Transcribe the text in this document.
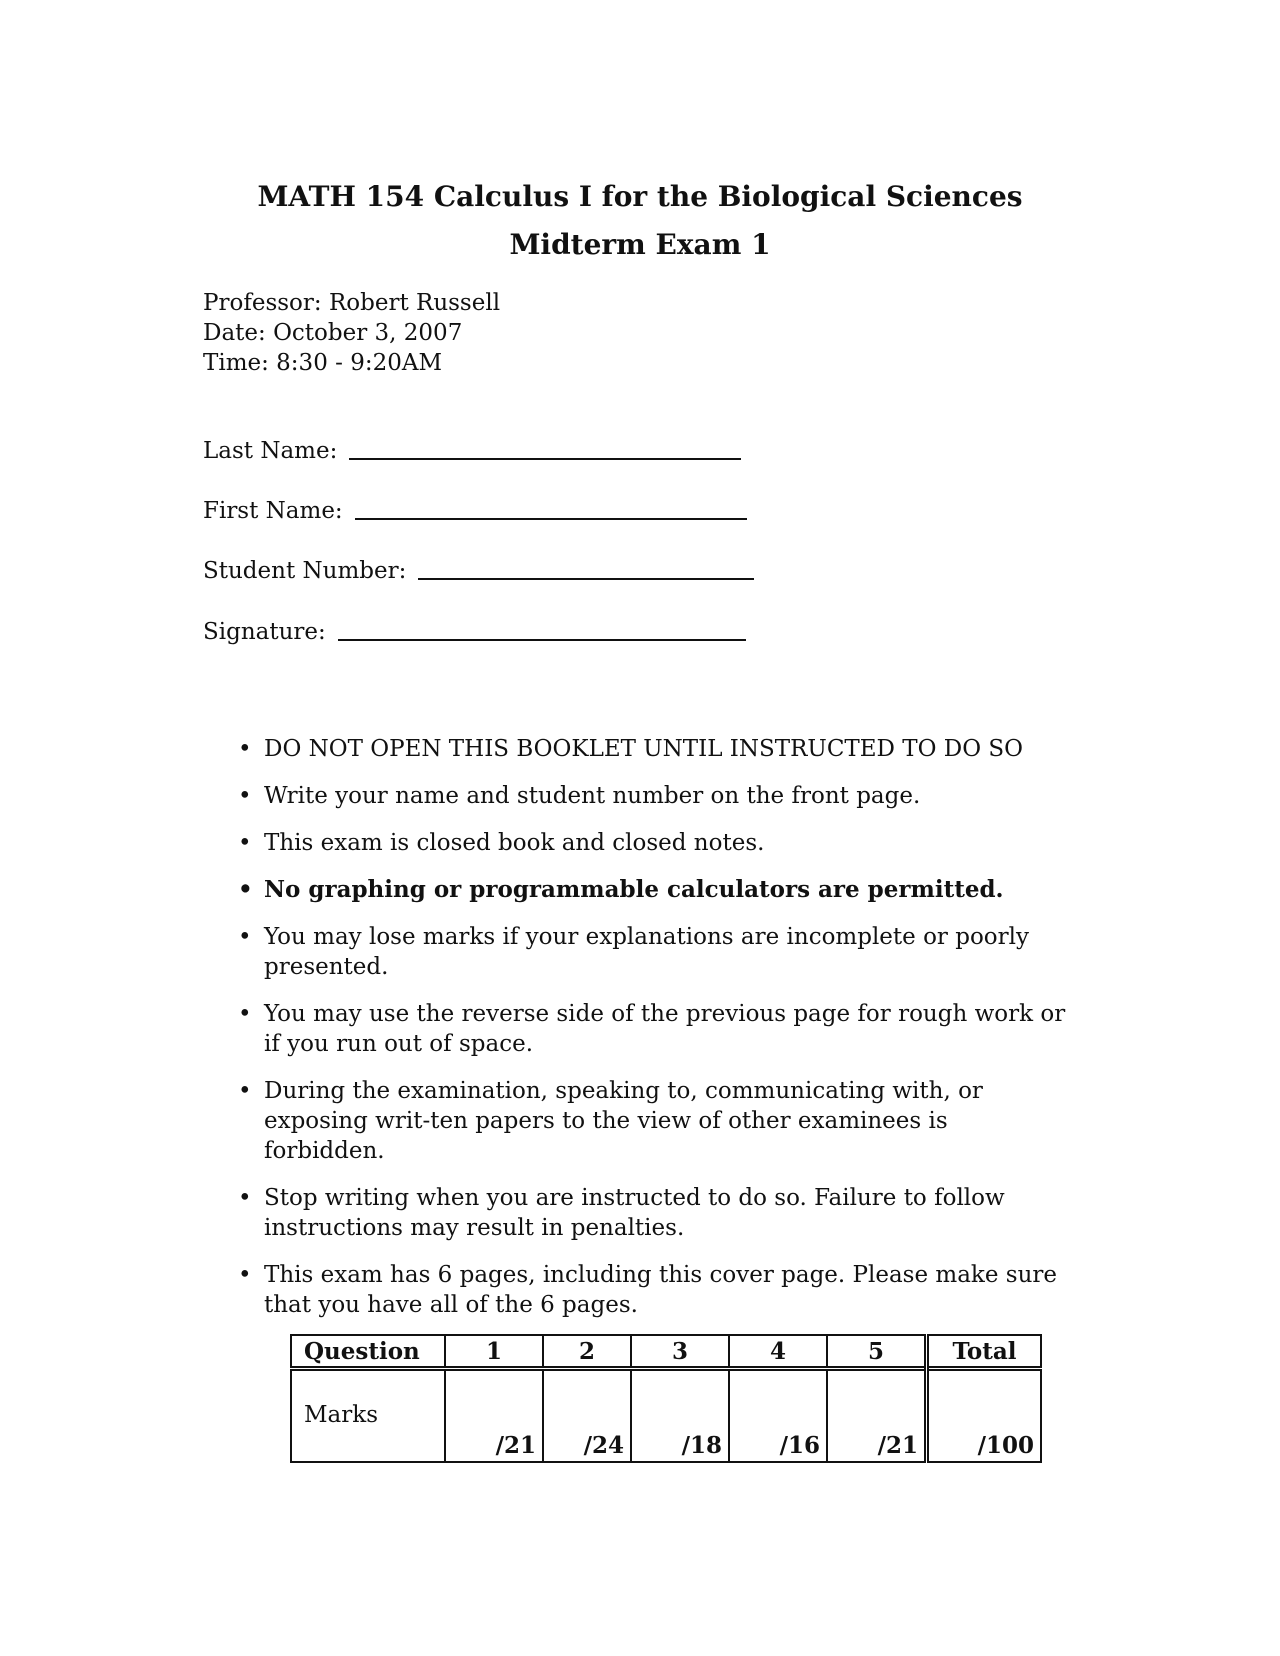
MATH 154 Calculus I for the Biological Sciences
Midterm Exam 1
Professor: Robert Russell
Date: October 3, 2007
Time: 8:30 - 9:20AM
Last Name:
First Name:
Student Number:
Signature:
• DO NOT OPEN THIS BOOKLET UNTIL INSTRUCTED TO DO SO
• Write your name and student number on the front page.
• This exam is closed book and closed notes.
• No graphing or programmable calculators are permitted.
• You may lose marks if your explanations are incomplete or poorly presented.
• You may use the reverse side of the previous page for rough work or if you run out of space.
• During the examination, speaking to, communicating with, or exposing writ-ten papers to the view of other examinees is forbidden.
• Stop writing when you are instructed to do so. Failure to follow instructions may result in penalties.
• This exam has 6 pages, including this cover page. Please make sure that you have all of the 6 pages.
Question	1	2	3	4	5	Total
Marks	/21	/24	/18	/16	/21	/100
